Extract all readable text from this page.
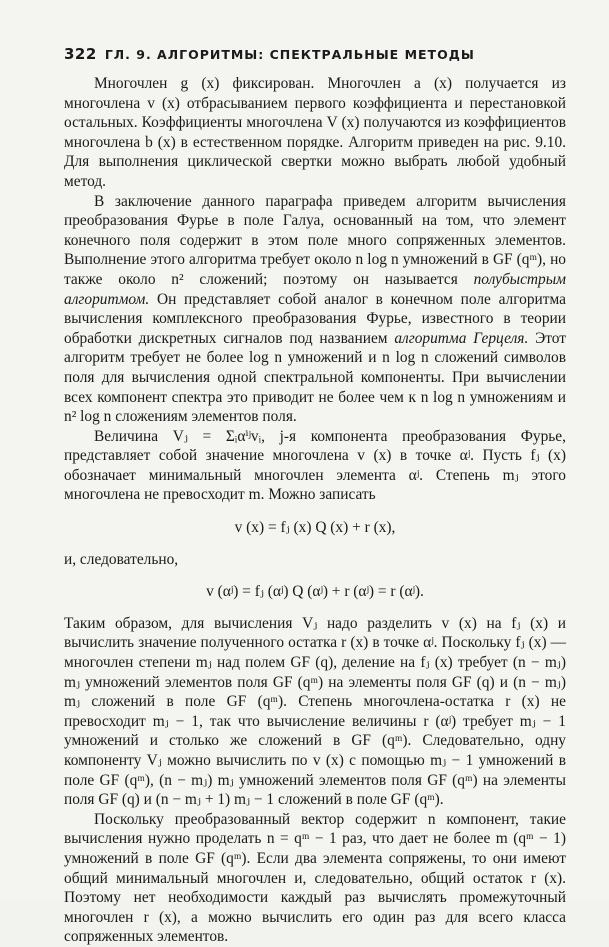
322 ГЛ. 9. АЛГОРИТМЫ: СПЕКТРАЛЬНЫЕ МЕТОДЫ

Многочлен g (x) фиксирован. Многочлен a (x) получается из многочлена v (x) отбрасыванием первого коэффициента и перестановкой остальных. Коэффициенты многочлена V (x) получаются из коэффициентов многочлена b (x) в естественном порядке. Алгоритм приведен на рис. 9.10. Для выполнения циклической свертки можно выбрать любой удобный метод.

В заключение данного параграфа приведем алгоритм вычисления преобразования Фурье в поле Галуа, основанный на том, что элемент конечного поля содержит в этом поле много сопряженных элементов. Выполнение этого алгоритма требует около n log n умножений в GF (qᵐ), но также около n² сложений; поэтому он называется полубыстрым алгоритмом. Он представляет собой аналог в конечном поле алгоритма вычисления комплексного преобразования Фурье, известного в теории обработки дискретных сигналов под названием алгоритма Герцеля. Этот алгоритм требует не более log n умножений и n log n сложений символов поля для вычисления одной спектральной компоненты. При вычислении всех компонент спектра это приводит не более чем к n log n умножениям и n² log n сложениям элементов поля.

Величина Vⱼ = Σᵢαⁱʲvᵢ, j-я компонента преобразования Фурье, представляет собой значение многочлена v (x) в точке αʲ. Пусть fⱼ (x) обозначает минимальный многочлен элемента αʲ. Степень mⱼ этого многочлена не превосходит m. Можно записать

v (x) = fⱼ (x) Q (x) + r (x),

и, следовательно,

v (αʲ) = fⱼ (αʲ) Q (αʲ) + r (αʲ) = r (αʲ).

Таким образом, для вычисления Vⱼ надо разделить v (x) на fⱼ (x) и вычислить значение полученного остатка r (x) в точке αʲ. Поскольку fⱼ (x) — многочлен степени mⱼ над полем GF (q), деление на fⱼ (x) требует (n − mⱼ) mⱼ умножений элементов поля GF (qᵐ) на элементы поля GF (q) и (n − mⱼ) mⱼ сложений в поле GF (qᵐ). Степень многочлена-остатка r (x) не превосходит mⱼ − 1, так что вычисление величины r (αʲ) требует mⱼ − 1 умножений и столько же сложений в GF (qᵐ). Следовательно, одну компоненту Vⱼ можно вычислить по v (x) с помощью mⱼ − 1 умножений в поле GF (qᵐ), (n − mⱼ) mⱼ умножений элементов поля GF (qᵐ) на элементы поля GF (q) и (n − mⱼ + 1) mⱼ − 1 сложений в поле GF (qᵐ).

Поскольку преобразованный вектор содержит n компонент, такие вычисления нужно проделать n = qᵐ − 1 раз, что дает не более m (qᵐ − 1) умножений в поле GF (qᵐ). Если два элемента сопряжены, то они имеют общий минимальный многочлен и, следовательно, общий остаток r (x). Поэтому нет необходимости каждый раз вычислять промежуточный многочлен r (x), а можно вычислить его один раз для всего класса сопряженных элементов.
